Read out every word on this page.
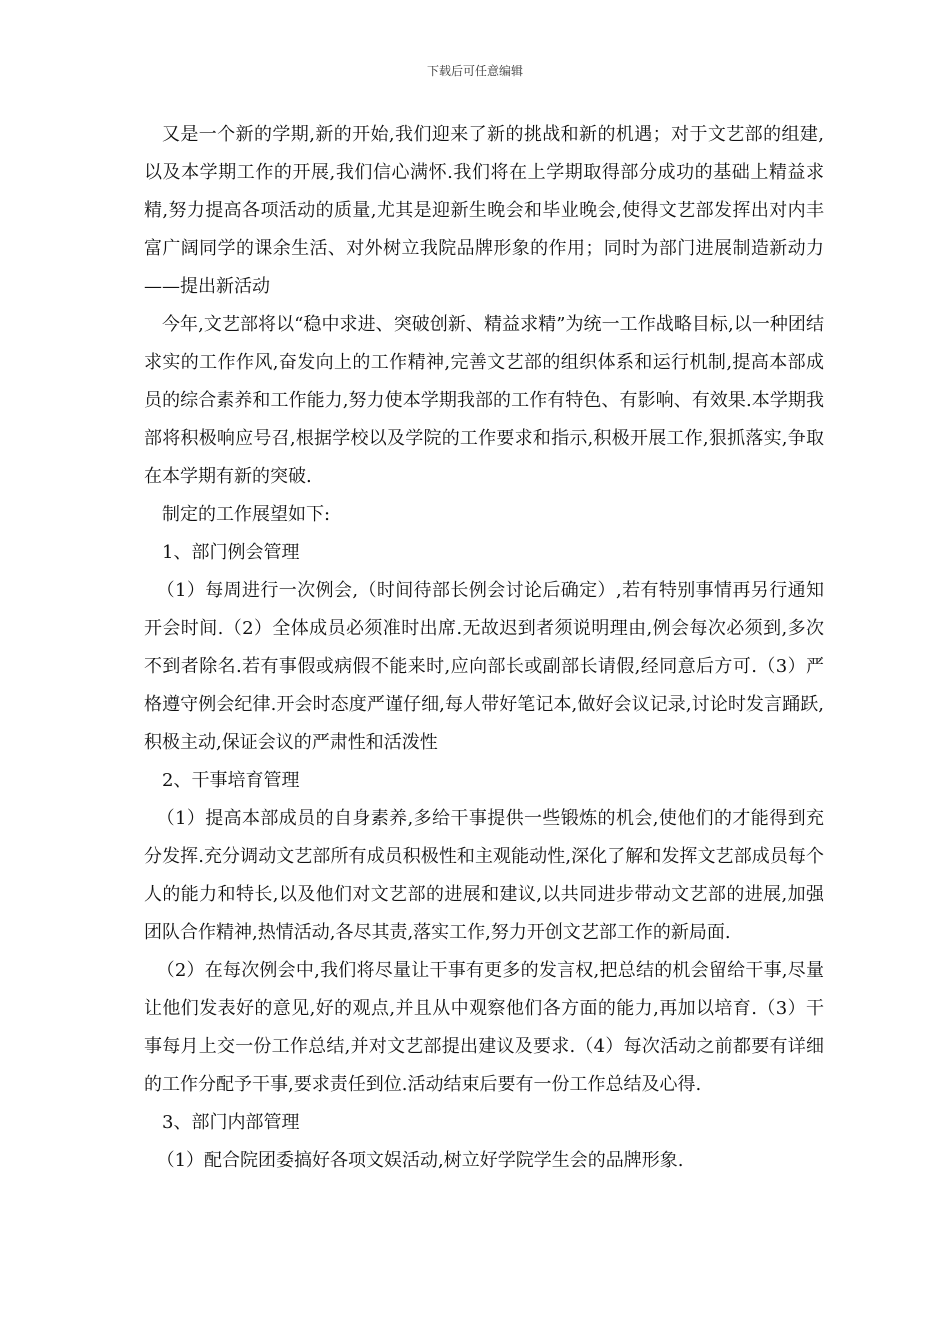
下载后可任意编辑

又是一个新的学期,新的开始,我们迎来了新的挑战和新的机遇；对于文艺部的组建,以及本学期工作的开展,我们信心满怀.我们将在上学期取得部分成功的基础上精益求精,努力提高各项活动的质量,尤其是迎新生晚会和毕业晚会,使得文艺部发挥出对内丰富广阔同学的课余生活、对外树立我院品牌形象的作用；同时为部门进展制造新动力——提出新活动

今年,文艺部将以“稳中求进、突破创新、精益求精”为统一工作战略目标,以一种团结求实的工作作风,奋发向上的工作精神,完善文艺部的组织体系和运行机制,提高本部成员的综合素养和工作能力,努力使本学期我部的工作有特色、有影响、有效果.本学期我部将积极响应号召,根据学校以及学院的工作要求和指示,积极开展工作,狠抓落实,争取在本学期有新的突破.

制定的工作展望如下:

1、部门例会管理

（1）每周进行一次例会,（时间待部长例会讨论后确定）,若有特别事情再另行通知开会时间.（2）全体成员必须准时出席.无故迟到者须说明理由,例会每次必须到,多次不到者除名.若有事假或病假不能来时,应向部长或副部长请假,经同意后方可.（3）严格遵守例会纪律.开会时态度严谨仔细,每人带好笔记本,做好会议记录,讨论时发言踊跃,积极主动,保证会议的严肃性和活泼性

2、干事培育管理

（1）提高本部成员的自身素养,多给干事提供一些锻炼的机会,使他们的才能得到充分发挥.充分调动文艺部所有成员积极性和主观能动性,深化了解和发挥文艺部成员每个人的能力和特长,以及他们对文艺部的进展和建议,以共同进步带动文艺部的进展,加强团队合作精神,热情活动,各尽其责,落实工作,努力开创文艺部工作的新局面.

（2）在每次例会中,我们将尽量让干事有更多的发言权,把总结的机会留给干事,尽量让他们发表好的意见,好的观点,并且从中观察他们各方面的能力,再加以培育.（3）干事每月上交一份工作总结,并对文艺部提出建议及要求.（4）每次活动之前都要有详细的工作分配予干事,要求责任到位.活动结束后要有一份工作总结及心得.

3、部门内部管理

（1）配合院团委搞好各项文娱活动,树立好学院学生会的品牌形象.
